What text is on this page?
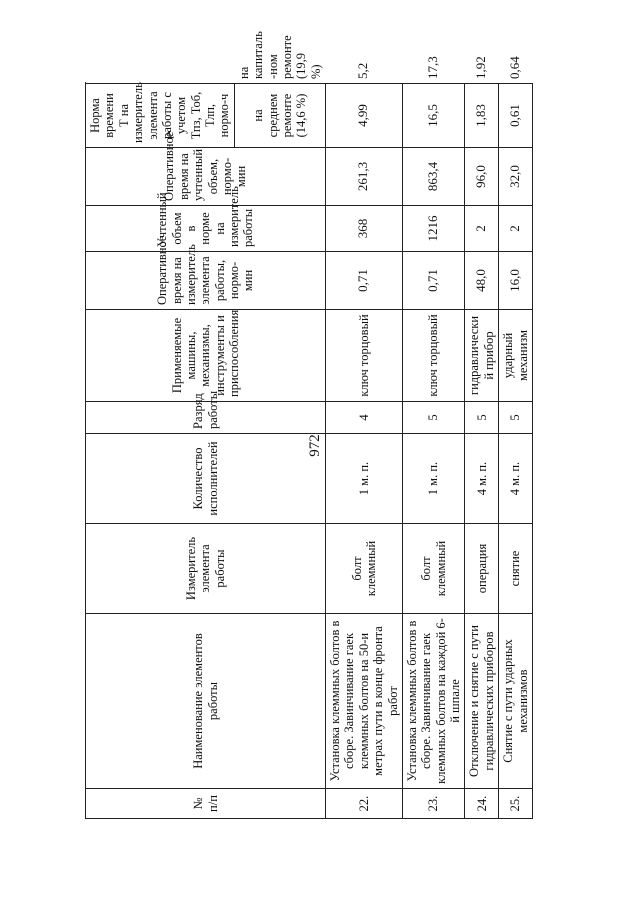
972
№ п/п	Наименование элементов работы	Измеритель элемента работы	Количество исполнителей	Разряд работы	Применяемые машины, механизмы, инструменты и приспособления	Оперативное время на измеритель элемента работы, нормо-мин	Учтенный объем в норме на измеритель работы	Оперативное время на учтенный объем, нормо-мин	Норма времени Т на измеритель элемента работы с учетом Тпз, Тоб, Тлп, нормо-ч	
									на среднем ремонте (14,6 %)	на капиталь -ном ремонте (19,9 %)
22.	Установка клеммных болтов в сборе. Завинчивание гаек клеммных болтов на 50-и метрах пути в конце фронта работ	болт клеммный	1 м. п.	4	ключ торцовый	0,71	368	261,3	4,99	5,2
23.	Установка клеммных болтов в сборе. Завинчивание гаек клеммных болтов на каждой 6-й шпале	болт клеммный	1 м. п.	5	ключ торцовый	0,71	1216	863,4	16,5	17,3
24.	Отключение и снятие с пути гидравлических приборов	операция	4 м. п.	5	гидравлически й прибор	48,0	2	96,0	1,83	1,92
25.	Снятие с пути ударных механизмов	снятие	4 м. п.	5	ударный механизм	16,0	2	32,0	0,61	0,64
